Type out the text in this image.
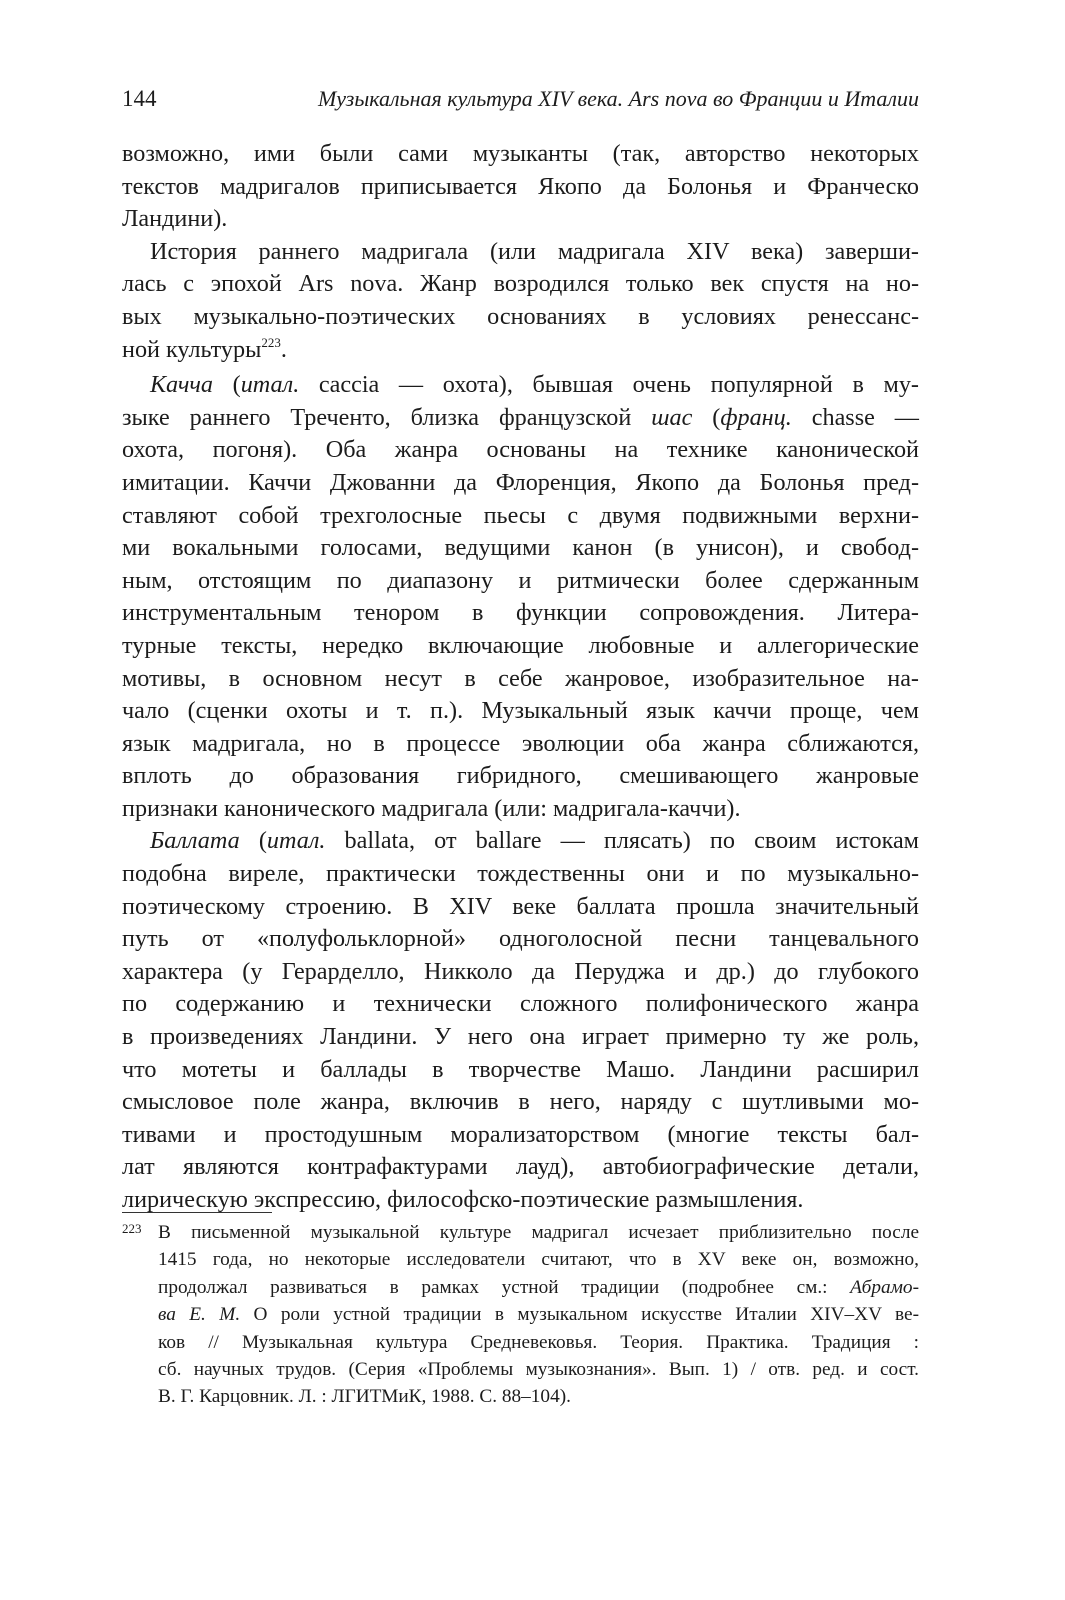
144	Музыкальная культура XIV века. Ars nova во Франции и Италии

возможно, ими были сами музыканты (так, авторство некоторых
текстов мадригалов приписывается Якопо да Болонья и Франческо
Ландини).

История раннего мадригала (или мадригала XIV века) заверши-
лась с эпохой Ars nova. Жанр возродился только век спустя на но-
вых музыкально-поэтических основаниях в условиях ренессанс-
ной культуры$^{223}$.

Качча (итал. caccia — охота), бывшая очень популярной в му-
зыке раннего Треченто, близка французской шас (франц. chasse —
охота, погоня). Оба жанра основаны на технике канонической
имитации. Каччи Джованни да Флоренция, Якопо да Болонья пред-
ставляют собой трехголосные пьесы с двумя подвижными верхни-
ми вокальными голосами, ведущими канон (в унисон), и свобод-
ным, отстоящим по диапазону и ритмически более сдержанным
инструментальным тенором в функции сопровождения. Литера-
турные тексты, нередко включающие любовные и аллегорические
мотивы, в основном несут в себе жанровое, изобразительное на-
чало (сценки охоты и т. п.). Музыкальный язык каччи проще, чем
язык мадригала, но в процессе эволюции оба жанра сближаются,
вплоть до образования гибридного, смешивающего жанровые
признаки канонического мадригала (или: мадригала-каччи).

Баллата (итал. ballata, от ballare — плясать) по своим истокам
подобна виреле, практически тождественны они и по музыкально-
поэтическому строению. В XIV веке баллата прошла значительный
путь от «полуфольклорной» одноголосной песни танцевального
характера (у Герарделло, Никколо да Перуджа и др.) до глубокого
по содержанию и технически сложного полифонического жанра
в произведениях Ландини. У него она играет примерно ту же роль,
что мотеты и баллады в творчестве Машо. Ландини расширил
смысловое поле жанра, включив в него, наряду с шутливыми мо-
тивами и простодушным морализаторством (многие тексты бал-
лат являются контрафактурами лауд), автобиографические детали,
лирическую экспрессию, философско-поэтические размышления.

223 В письменной музыкальной культуре мадригал исчезает приблизительно после
1415 года, но некоторые исследователи считают, что в XV веке он, возможно,
продолжал развиваться в рамках устной традиции (подробнее см.: Абрамо-
ва Е. М. О роли устной традиции в музыкальном искусстве Италии XIV–XV ве-
ков // Музыкальная культура Средневековья. Теория. Практика. Традиция :
сб. научных трудов. (Серия «Проблемы музыкознания». Вып. 1) / отв. ред. и сост.
В. Г. Карцовник. Л. : ЛГИТМиК, 1988. С. 88–104).
